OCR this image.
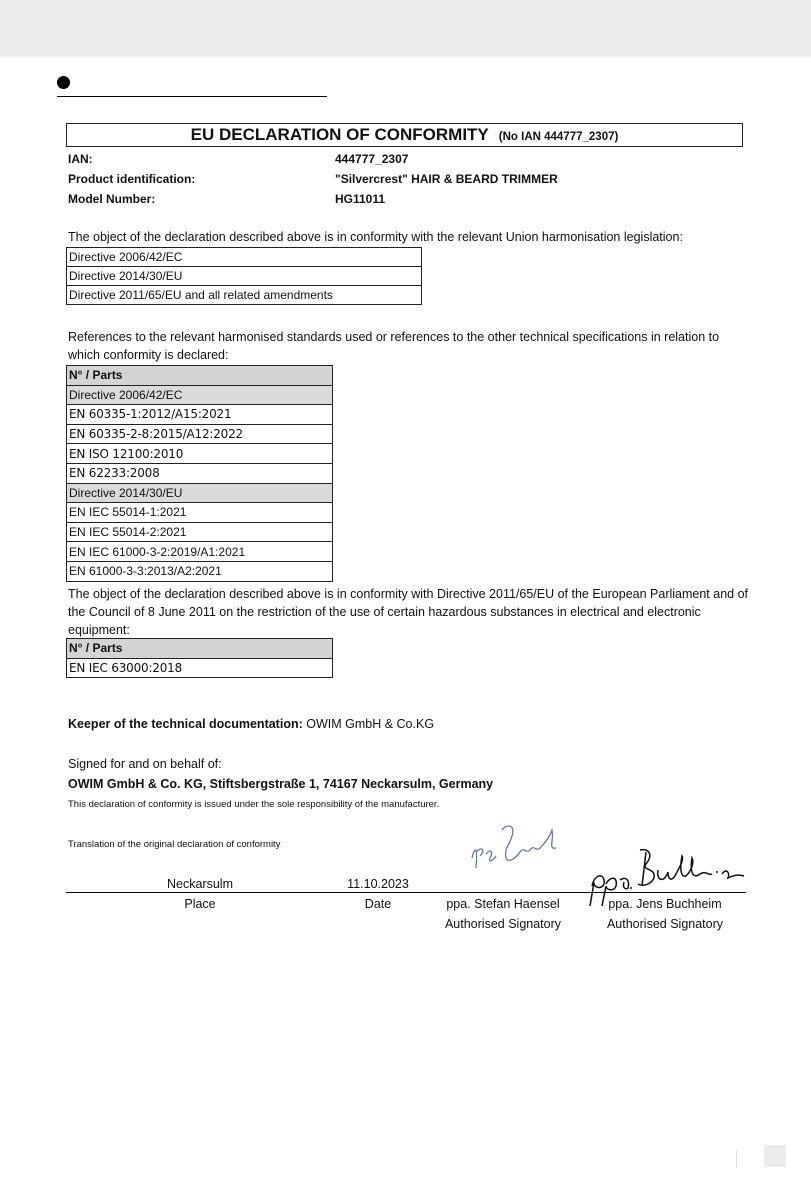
EU DECLARATION OF CONFORMITY (No IAN 444777_2307)
IAN:	444777_2307
Product identification:	"Silvercrest" HAIR & BEARD TRIMMER
Model Number:	HG11011
The object of the declaration described above is in conformity with the relevant Union harmonisation legislation:
Directive 2006/42/EC
Directive 2014/30/EU
Directive 2011/65/EU and all related amendments
References to the relevant harmonised standards used or references to the other technical specifications in relation to which conformity is declared:
N° / Parts
Directive 2006/42/EC
EN 60335-1:2012/A15:2021
EN 60335-2-8:2015/A12:2022
EN ISO 12100:2010
EN 62233:2008
Directive 2014/30/EU
EN IEC 55014-1:2021
EN IEC 55014-2:2021
EN IEC 61000-3-2:2019/A1:2021
EN 61000-3-3:2013/A2:2021
The object of the declaration described above is in conformity with Directive 2011/65/EU of the European Parliament and of the Council of 8 June 2011 on the restriction of the use of certain hazardous substances in electrical and electronic equipment:
N° / Parts
EN IEC 63000:2018
Keeper of the technical documentation: OWIM GmbH & Co.KG
Signed for and on behalf of:
OWIM GmbH & Co. KG, Stiftsbergstraße 1, 74167 Neckarsulm, Germany
This declaration of conformity is issued under the sole responsibility of the manufacturer.
Translation of the original declaration of conformity
Neckarsulm	11.10.2023
Place	Date	ppa. Stefan Haensel
Authorised Signatory
ppa. Jens Buchheim
Authorised Signatory
